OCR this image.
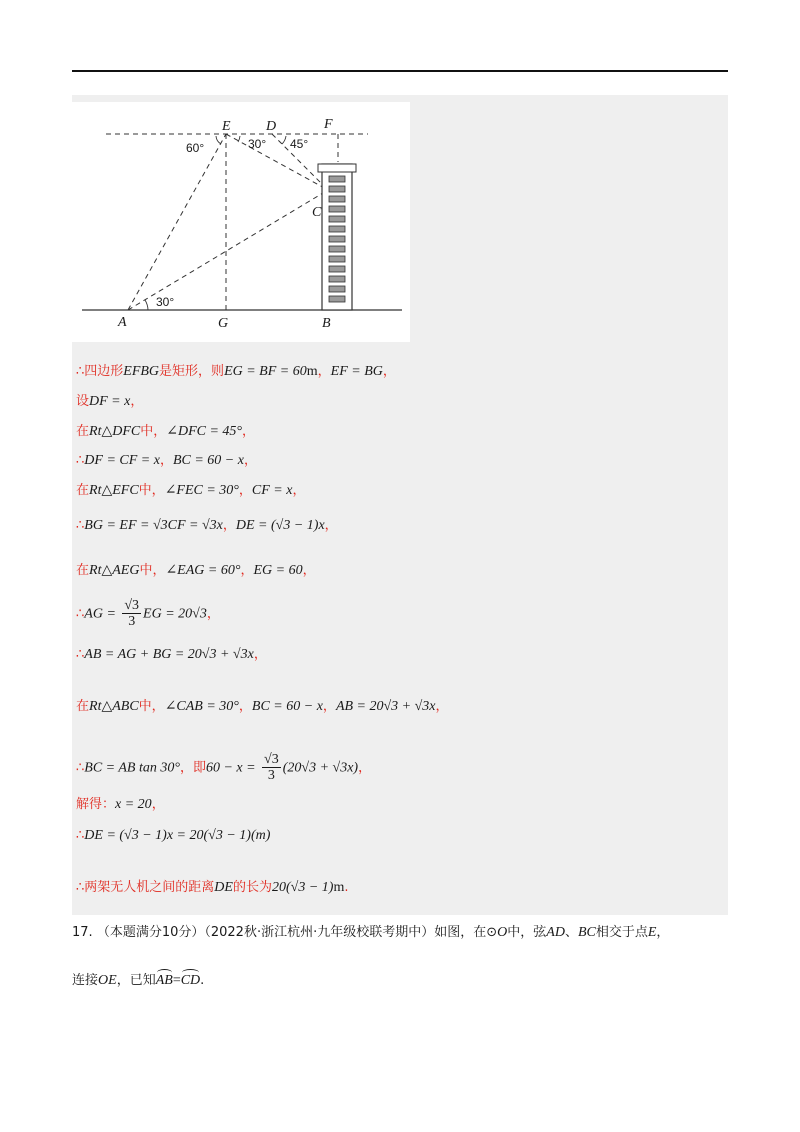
E	D	F
C
A	G	B
60°	30° 45°
30°
∴四边形EFBG是矩形，则EG = BF = 60m，EF = BG，
设DF = x，
在Rt△DFC中，∠DFC = 45°，
∴DF = CF = x，BC = 60 − x，
在Rt△EFC中，∠FEC = 30°，CF = x，
∴BG = EF = √3CF = √3x，DE = (√3 − 1)x，
在Rt△AEG中，∠EAG = 60°，EG = 60，
∴AG = $\frac{√3}{3}$ EG = 20√3，
∴AB = AG + BG = 20√3 + √3x，
在Rt△ABC中，∠CAB = 30°，BC = 60 − x，AB = 20√3 + √3x，
∴BC = AB tan 30°，即$60 - x = \frac{√3}{3} (20√3 + √3x)$，
解得：x = 20，
∴DE = (√3 − 1)x = 20(√3 − 1)(m)
∴两架无人机之间的距离DE的长为20(√3 − 1)m.
17. （本题满分10分）（2022秋·浙江杭州·九年级校联考期中）如图，在⊙O中，弦AD、BC相交于点E，
连接OE，已知AB=CD.
